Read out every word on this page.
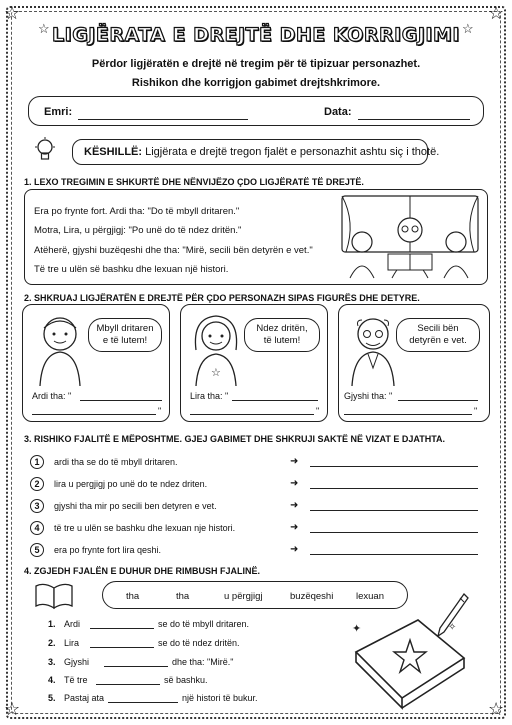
☆	☆
☆	☆
☆	☆
LIGJËRATA E DREJTË DHE KORRIGJIMI
Përdor ligjëratën e drejtë në tregim për të tipizuar personazhet.
Rishikon dhe korrigjon gabimet drejtshkrimore.
Emri:	Data:
KËSHILLË: Ligjërata e drejtë tregon fjalët e personazhit ashtu siç i thotë.
1. LEXO TREGIMIN E SHKURTË DHE NËNVIJËZO ÇDO LIGJËRATË TË DREJTË.
Era po frynte fort. Ardi tha: "Do të mbyll dritaren."
Motra, Lira, u përgjigj: "Po unë do të ndez dritën."
Atëherë, gjyshi buzëqeshi dhe tha: "Mirë, secili bën detyrën e vet."
Të tre u ulën së bashku dhe lexuan një histori.
2. SHKRUAJ LIGJËRATËN E DREJTË PËR ÇDO PERSONAZH SIPAS FIGURËS DHE DETYRE.
Mbyll dritaren
e të lutem!
Ardi tha: "
"
☆
Ndez dritën,
të lutem!
Lira tha: "
"
Secili bën
detyrën e vet.
Gjyshi tha: "
"
3. RISHIKO FJALITË E MËPOSHTME. GJEJ GABIMET DHE SHKRUJI SAKTË NË VIZAT E DJATHTA.
1	ardi tha se do të mbyll dritaren.	➜
2	lira u pergjigj po unë do te ndez driten.	➜
3	gjyshi tha mir po secili ben detyren e vet.	➜
4	të tre u ulën se bashku dhe lexuan nje histori.	➜
5	era po frynte fort lira qeshi.	➜
4. ZGJEDH FJALËN E DUHUR DHE RIMBUSH FJALINË.
tha	tha	u përgjigj	buzëqeshi lexuan
1. Ardi	se do të mbyll dritaren.
2. Lira	se do të ndez dritën.
3. Gjyshi	dhe tha: "Mirë."
4. Të tre	së bashku.
5. Pastaj ata	një histori të bukur.
✦	✧
